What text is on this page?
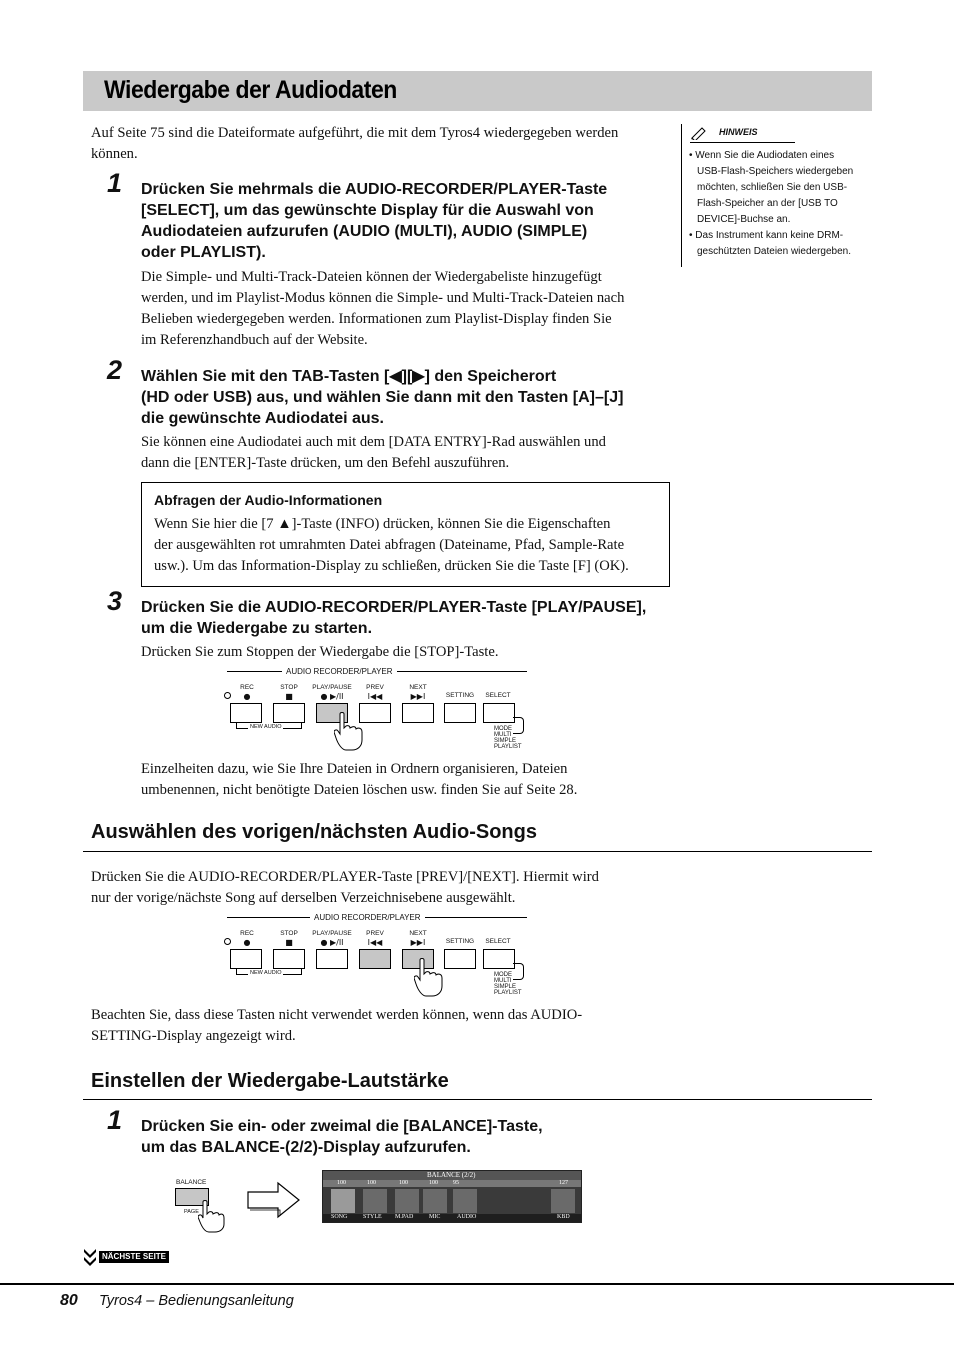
Wiedergabe der Audiodaten
Auf Seite 75 sind die Dateiformate aufgeführt, die mit dem Tyros4 wiedergegeben werden
können.
HINWEIS
• Wenn Sie die Audiodaten eines
USB-Flash-Speichers wiedergeben
möchten, schließen Sie den USB-
Flash-Speicher an der [USB TO
DEVICE]-Buchse an.
• Das Instrument kann keine DRM-
geschützten Dateien wiedergeben.
1 Drücken Sie mehrmals die AUDIO-RECORDER/PLAYER-Taste
[SELECT], um das gewünschte Display für die Auswahl von
Audiodateien aufzurufen (AUDIO (MULTI), AUDIO (SIMPLE)
oder PLAYLIST).
Die Simple- und Multi-Track-Dateien können der Wiedergabeliste hinzugefügt
werden, und im Playlist-Modus können die Simple- und Multi-Track-Dateien nach
Belieben wiedergegeben werden. Informationen zum Playlist-Display finden Sie
im Referenzhandbuch auf der Website.
2 Wählen Sie mit den TAB-Tasten [◀][▶] den Speicherort
(HD oder USB) aus, und wählen Sie dann mit den Tasten [A]–[J]
die gewünschte Audiodatei aus.
Sie können eine Audiodatei auch mit dem [DATA ENTRY]-Rad auswählen und
dann die [ENTER]-Taste drücken, um den Befehl auszuführen.
Abfragen der Audio-Informationen
Wenn Sie hier die [7 ▲]-Taste (INFO) drücken, können Sie die Eigenschaften
der ausgewählten rot umrahmten Datei abfragen (Dateiname, Pfad, Sample-Rate
usw.). Um das Information-Display zu schließen, drücken Sie die Taste [F] (OK).
3 Drücken Sie die AUDIO-RECORDER/PLAYER-Taste [PLAY/PAUSE],
um die Wiedergabe zu starten.
Drücken Sie zum Stoppen der Wiedergabe die [STOP]-Taste.
AUDIO RECORDER/PLAYER
REC	STOP	PLAY/PAUSE	PREV	NEXT
SETTING	SELECT
●	■	● ▶/II	I◀◀	▶▶I
NEW AUDIO	MODE
MULTI
SIMPLE
PLAYLIST
Einzelheiten dazu, wie Sie Ihre Dateien in Ordnern organisieren, Dateien
umbenennen, nicht benötigte Dateien löschen usw. finden Sie auf Seite 28.
Auswählen des vorigen/nächsten Audio-Songs
Drücken Sie die AUDIO-RECORDER/PLAYER-Taste [PREV]/[NEXT]. Hiermit wird
nur der vorige/nächste Song auf derselben Verzeichnisebene ausgewählt.
AUDIO RECORDER/PLAYER
REC	STOP	PLAY/PAUSE	PREV	NEXT
SETTING	SELECT
●	■	● ▶/II	I◀◀	▶▶I
NEW AUDIO	MODE
MULTI
SIMPLE
PLAYLIST
Beachten Sie, dass diese Tasten nicht verwendet werden können, wenn das AUDIO-
SETTING-Display angezeigt wird.
Einstellen der Wiedergabe-Lautstärke
1 Drücken Sie ein- oder zweimal die [BALANCE]-Taste,
um das BALANCE-(2/2)-Display aufzurufen.
BALANCE
PAGE
BALANCE (2/2)
100	100	100	100	95	127
SONG	STYLE M.PAD	MIC	AUDIO	KBD
NÄCHSTE SEITE
80 Tyros4 – Bedienungsanleitung
